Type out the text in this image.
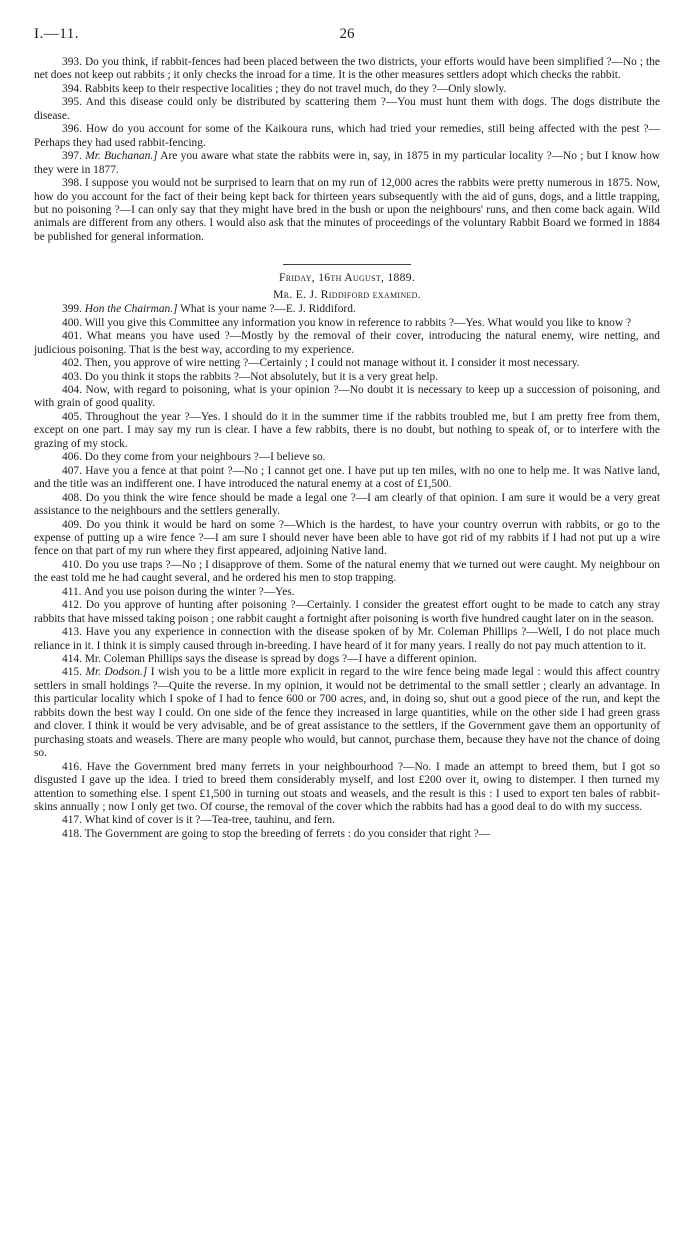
I.—11.	26

393. Do you think, if rabbit-fences had been placed between the two districts, your efforts would have been simplified ?—No ; the net does not keep out rabbits ; it only checks the inroad for a time. It is the other measures settlers adopt which checks the rabbit.

394. Rabbits keep to their respective localities ; they do not travel much, do they ?—Only slowly.

395. And this disease could only be distributed by scattering them ?—You must hunt them with dogs. The dogs distribute the disease.

396. How do you account for some of the Kaikoura runs, which had tried your remedies, still being affected with the pest ?—Perhaps they had used rabbit-fencing.

397. Mr. Buchanan.] Are you aware what state the rabbits were in, say, in 1875 in my particular locality ?—No ; but I know how they were in 1877.

398. I suppose you would not be surprised to learn that on my run of 12,000 acres the rabbits were pretty numerous in 1875. Now, how do you account for the fact of their being kept back for thirteen years subsequently with the aid of guns, dogs, and a little trapping, but no poisoning ?—I can only say that they might have bred in the bush or upon the neighbours' runs, and then come back again. Wild animals are different from any others. I would also ask that the minutes of proceedings of the voluntary Rabbit Board we formed in 1884 be published for general information.

Friday, 16th August, 1889.

Mr. E. J. Riddiford examined.

399. Hon the Chairman.] What is your name ?—E. J. Riddiford.

400. Will you give this Committee any information you know in reference to rabbits ?—Yes. What would you like to know ?

401. What means you have used ?—Mostly by the removal of their cover, introducing the natural enemy, wire netting, and judicious poisoning. That is the best way, according to my experience.

402. Then, you approve of wire netting ?—Certainly ; I could not manage without it. I consider it most necessary.

403. Do you think it stops the rabbits ?—Not absolutely, but it is a very great help.

404. Now, with regard to poisoning, what is your opinion ?—No doubt it is necessary to keep up a succession of poisoning, and with grain of good quality.

405. Throughout the year ?—Yes. I should do it in the summer time if the rabbits troubled me, but I am pretty free from them, except on one part. I may say my run is clear. I have a few rabbits, there is no doubt, but nothing to speak of, or to interfere with the grazing of my stock.

406. Do they come from your neighbours ?—I believe so.

407. Have you a fence at that point ?—No ; I cannot get one. I have put up ten miles, with no one to help me. It was Native land, and the title was an indifferent one. I have introduced the natural enemy at a cost of £1,500.

408. Do you think the wire fence should be made a legal one ?—I am clearly of that opinion. I am sure it would be a very great assistance to the neighbours and the settlers generally.

409. Do you think it would be hard on some ?—Which is the hardest, to have your country overrun with rabbits, or go to the expense of putting up a wire fence ?—I am sure I should never have been able to have got rid of my rabbits if I had not put up a wire fence on that part of my run where they first appeared, adjoining Native land.

410. Do you use traps ?—No ; I disapprove of them. Some of the natural enemy that we turned out were caught. My neighbour on the east told me he had caught several, and he ordered his men to stop trapping.

411. And you use poison during the winter ?—Yes.

412. Do you approve of hunting after poisoning ?—Certainly. I consider the greatest effort ought to be made to catch any stray rabbits that have missed taking poison ; one rabbit caught a fortnight after poisoning is worth five hundred caught later on in the season.

413. Have you any experience in connection with the disease spoken of by Mr. Coleman Phillips ?—Well, I do not place much reliance in it. I think it is simply caused through in-breeding. I have heard of it for many years. I really do not pay much attention to it.

414. Mr. Coleman Phillips says the disease is spread by dogs ?—I have a different opinion.

415. Mr. Dodson.] I wish you to be a little more explicit in regard to the wire fence being made legal : would this affect country settlers in small holdings ?—Quite the reverse. In my opinion, it would not be detrimental to the small settler ; clearly an advantage. In this particular locality which I spoke of I had to fence 600 or 700 acres, and, in doing so, shut out a good piece of the run, and kept the rabbits down the best way I could. On one side of the fence they increased in large quantities, while on the other side I had green grass and clover. I think it would be very advisable, and be of great assistance to the settlers, if the Government gave them an opportunity of purchasing stoats and weasels. There are many people who would, but cannot, purchase them, because they have not the chance of doing so.

416. Have the Government bred many ferrets in your neighbourhood ?—No. I made an attempt to breed them, but I got so disgusted I gave up the idea. I tried to breed them considerably myself, and lost £200 over it, owing to distemper. I then turned my attention to something else. I spent £1,500 in turning out stoats and weasels, and the result is this : I used to export ten bales of rabbit-skins annually ; now I only get two. Of course, the removal of the cover which the rabbits had has a good deal to do with my success.

417. What kind of cover is it ?—Tea-tree, tauhinu, and fern.

418. The Government are going to stop the breeding of ferrets : do you consider that right ?—
